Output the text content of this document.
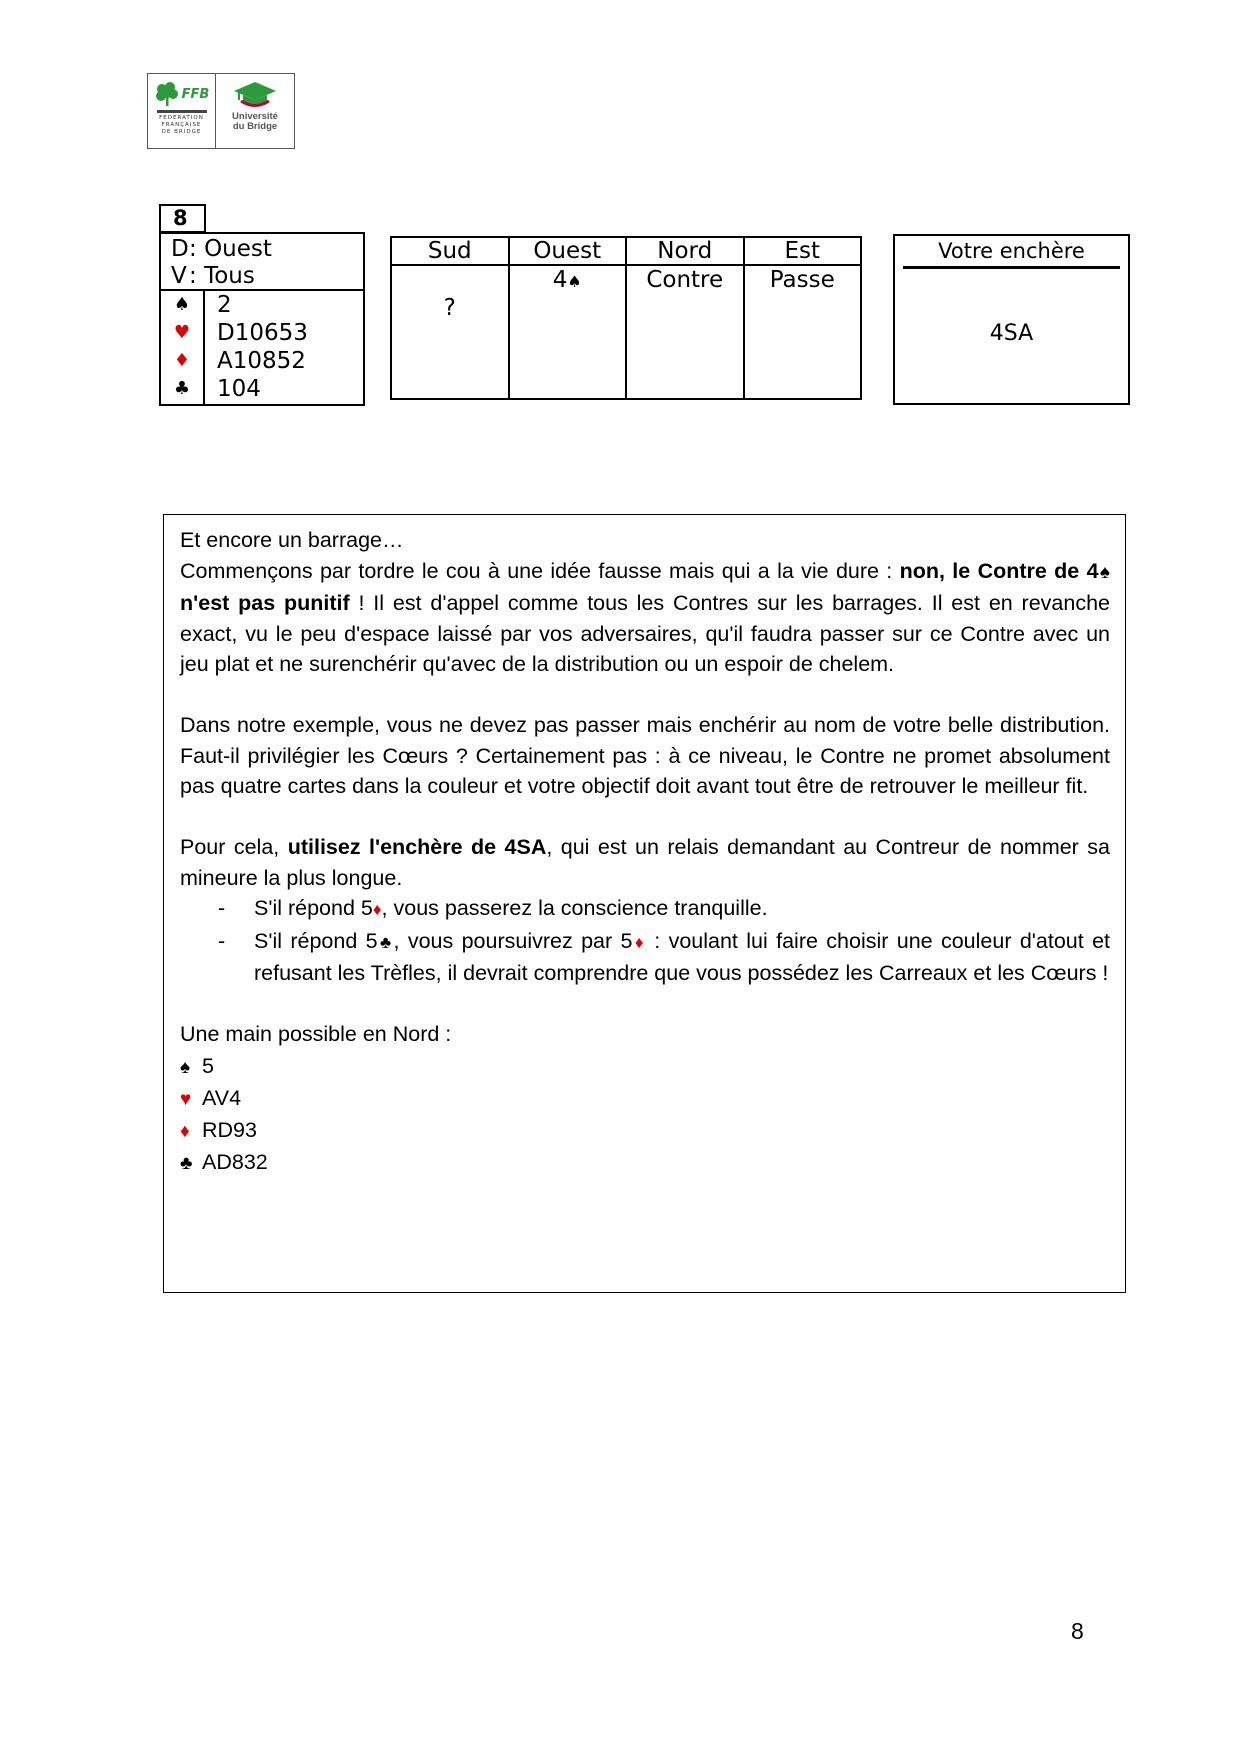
FFB
FEDERATION
FRANÇAISE
DE BRIDGE
Université
du Bridge
8
D: Ouest
V: Tous
♠
♥
♦
♣
2
D10653
A10852
104
Sud
?
Ouest
4♠
Nord
Contre
Est
Passe
Votre enchère
4SA

Et encore un barrage…

Commençons par tordre le cou à une idée fausse mais qui a la vie dure : non, le Contre de 4♠ n'est pas punitif ! Il est d'appel comme tous les Contres sur les barrages. Il est en revanche exact, vu le peu d'espace laissé par vos adversaires, qu'il faudra passer sur ce Contre avec un jeu plat et ne surenchérir qu'avec de la distribution ou un espoir de chelem.

Dans notre exemple, vous ne devez pas passer mais enchérir au nom de votre belle distribution. Faut-il privilégier les Cœurs ? Certainement pas : à ce niveau, le Contre ne promet absolument pas quatre cartes dans la couleur et votre objectif doit avant tout être de retrouver le meilleur fit.

Pour cela, utilisez l'enchère de 4SA, qui est un relais demandant au Contreur de nommer sa mineure la plus longue.

- S'il répond 5♦, vous passerez la conscience tranquille.
- S'il répond 5♣, vous poursuivrez par 5♦ : voulant lui faire choisir une couleur d'atout et refusant les Trèfles, il devrait comprendre que vous possédez les Carreaux et les Cœurs !

Une main possible en Nord :

♠ 5

♥ AV4

♦ RD93

♣ AD832

8
